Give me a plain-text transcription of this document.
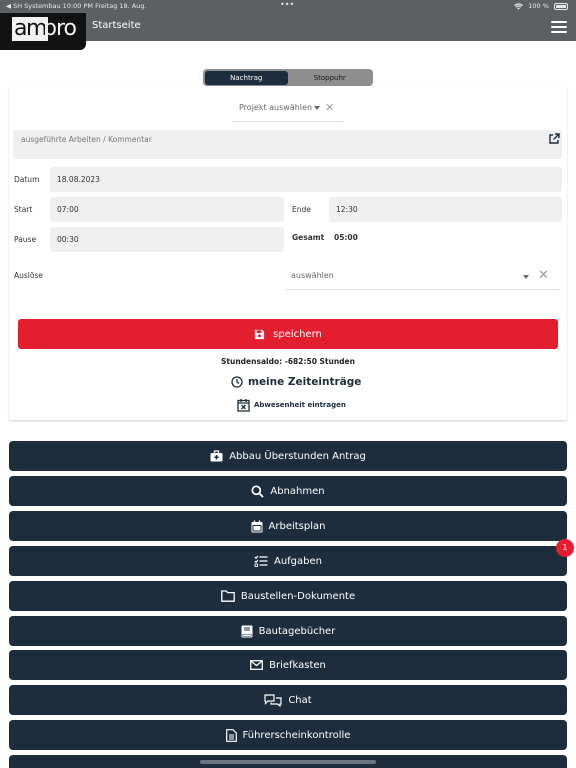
◀ SH Systembau 10:00 PM Freitag 18. Aug.	•••	100 %
Startseite
am
pro
Nachtrag	Stoppuhr
Projekt auswählen ✕
ausgeführte Arbeiten / Kommentar
Datum	18.08.2023
Start	07:00	Ende	12:30
Pause	00:30	Gesamt 05:00
Auslöse	auswählen	✕
speichern
Stundensaldo: -682:50 Stunden
meine Zeiteinträge
Abwesenheit eintragen
Abbau Überstunden Antrag
Abnahmen
Arbeitsplan
Aufgaben
1
Baustellen-Dokumente
Bautagebücher
Briefkasten
Chat
Führerscheinkontrolle
